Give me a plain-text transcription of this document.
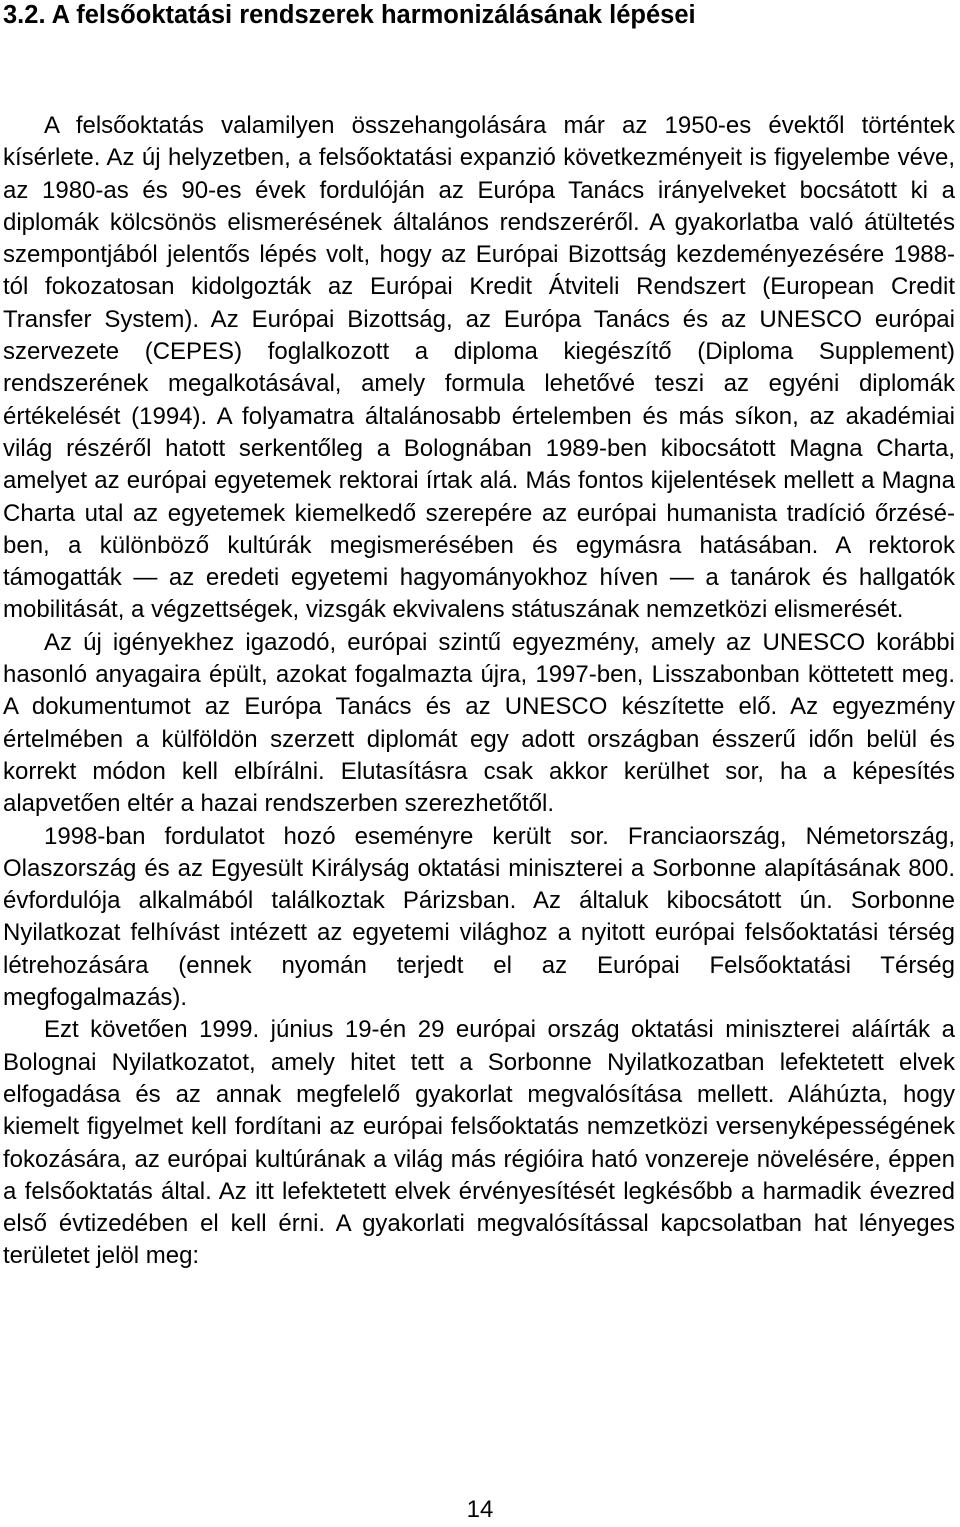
3.2. A felsőoktatási rendszerek harmonizálásának lépései

A felsőoktatás valamilyen összehangolására már az 1950-es évektől történtek kísérlete. Az új helyzetben, a felsőoktatási expanzió következményeit is figyelembe véve, az 1980-as és 90-es évek fordulóján az Európa Tanács irányelveket bocsátott ki a diplomák kölcsönös elismerésének általános rendszeréről. A gyakorlatba való átültetés szempontjából jelentős lépés volt, hogy az Európai Bizottság kezdeményezésére 1988-tól fokozatosan kidolgozták az Európai Kredit Átviteli Rendszert (European Credit Transfer System). Az Európai Bizottság, az Európa Tanács és az UNESCO európai szervezete (CEPES) foglalkozott a diploma kiegészítő (Diploma Supplement) rendszerének megalkotásával, amely formula lehetővé teszi az egyéni diplomák értékelését (1994). A folyamatra általánosabb értelemben és más síkon, az akadémiai világ részéről hatott serkentőleg a Bolognában 1989-ben kibocsátott Magna Charta, amelyet az európai egyetemek rektorai írtak alá. Más fontos kijelentések mellett a Magna Charta utal az egyetemek kiemelkedő szerepére az európai humanista tradíció őrzésében, a különböző kultúrák megismerésében és egymásra hatásában. A rektorok támogatták — az eredeti egyetemi hagyományokhoz híven — a tanárok és hallgatók mobilitását, a végzettségek, vizsgák ekvivalens státuszának nemzetközi elismerését.

Az új igényekhez igazodó, európai szintű egyezmény, amely az UNESCO korábbi hasonló anyagaira épült, azokat fogalmazta újra, 1997-ben, Lisszabonban köttetett meg. A dokumentumot az Európa Tanács és az UNESCO készítette elő. Az egyezmény értelmében a külföldön szerzett diplomát egy adott országban ésszerű időn belül és korrekt módon kell elbírálni. Elutasításra csak akkor kerülhet sor, ha a képesítés alapvetően eltér a hazai rendszerben szerezhetőtől.

1998-ban fordulatot hozó eseményre került sor. Franciaország, Németország, Olaszország és az Egyesült Királyság oktatási miniszterei a Sorbonne alapításának 800. évfordulója alkalmából találkoztak Párizsban. Az általuk kibocsátott ún. Sorbonne Nyilatkozat felhívást intézett az egyetemi világhoz a nyitott európai felsőoktatási térség létrehozására (ennek nyomán terjedt el az Európai Felsőoktatási Térség megfogalmazás).

Ezt követően 1999. június 19-én 29 európai ország oktatási miniszterei aláírták a Bolognai Nyilatkozatot, amely hitet tett a Sorbonne Nyilatkozatban lefektetett elvek elfogadása és az annak megfelelő gyakorlat megvalósítása mellett. Aláhúzta, hogy kiemelt figyelmet kell fordítani az európai felsőoktatás nemzetközi versenyképességének fokozására, az európai kultúrának a világ más régióira ható vonzereje növelésére, éppen a felsőoktatás által. Az itt lefektetett elvek érvényesítését legkésőbb a harmadik évezred első évtizedében el kell érni. A gyakorlati megvalósítással kapcsolatban hat lényeges területet jelöl meg:

14
